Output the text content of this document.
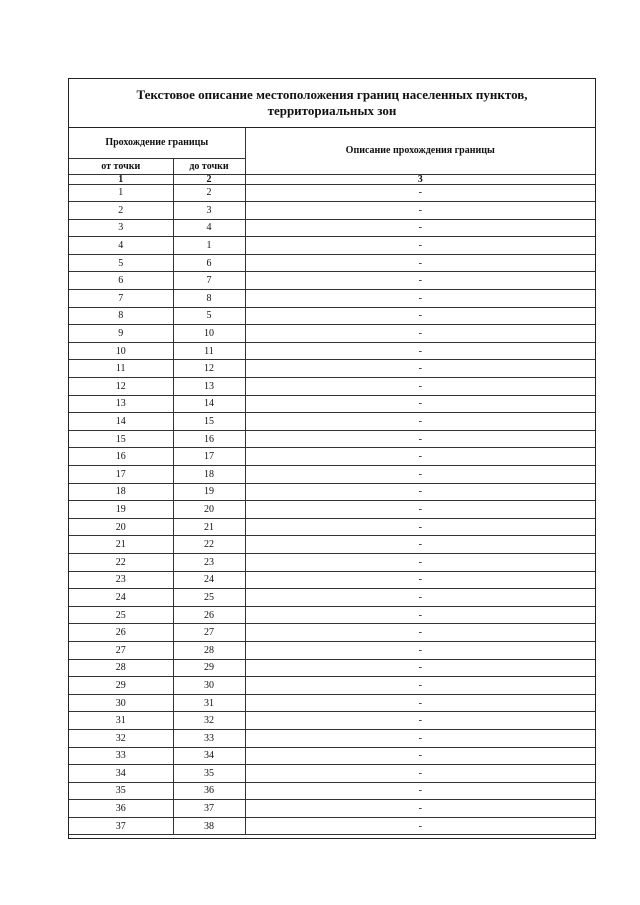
Текстовое описание местоположения границ населенных пунктов,
территориальных зон
Прохождение границы		Описание прохождения границы
от точки	до точки	
1	2	3
1	2	-
2	3	-
3	4	-
4	1	-
5	6	-
6	7	-
7	8	-
8	5	-
9	10	-
10	11	-
11	12	-
12	13	-
13	14	-
14	15	-
15	16	-
16	17	-
17	18	-
18	19	-
19	20	-
20	21	-
21	22	-
22	23	-
23	24	-
24	25	-
25	26	-
26	27	-
27	28	-
28	29	-
29	30	-
30	31	-
31	32	-
32	33	-
33	34	-
34	35	-
35	36	-
36	37	-
37	38	-
